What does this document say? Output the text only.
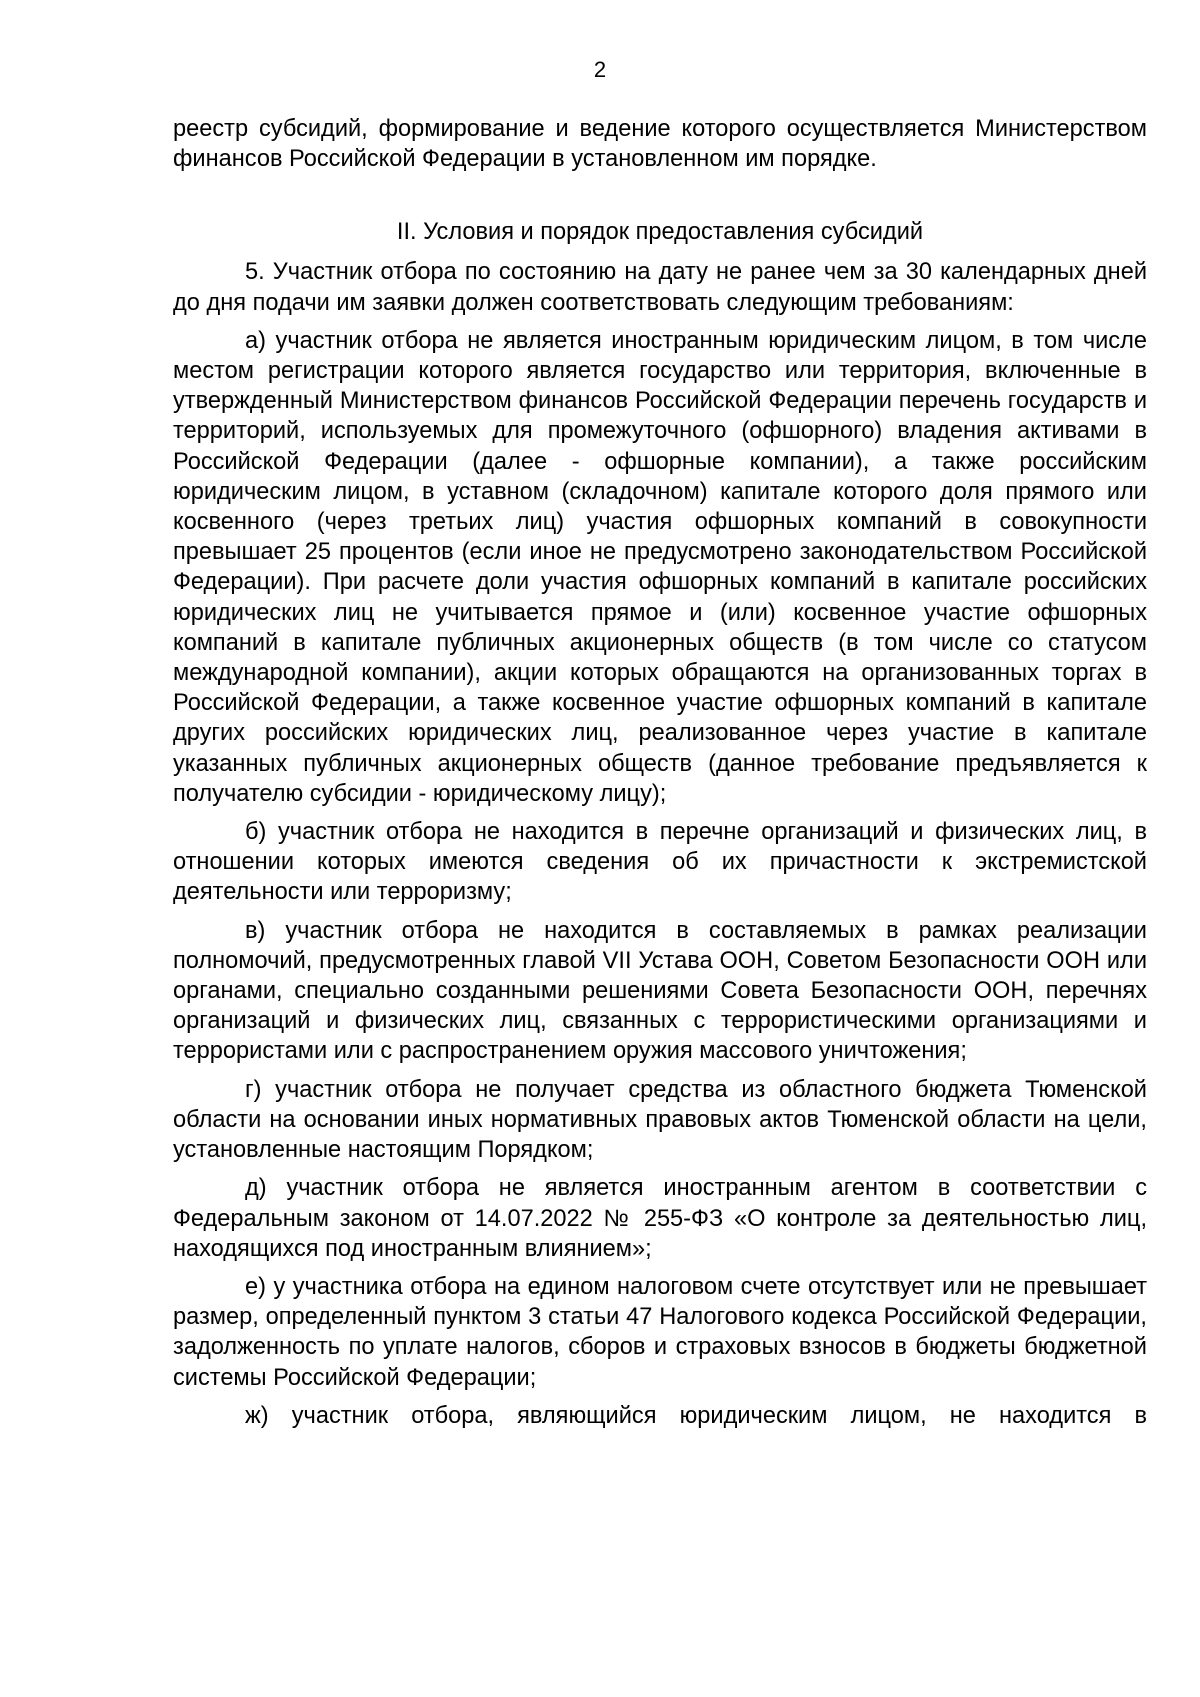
2

реестр субсидий, формирование и ведение которого осуществляется Министерством финансов Российской Федерации в установленном им порядке.

II. Условия и порядок предоставления субсидий

5. Участник отбора по состоянию на дату не ранее чем за 30 календарных дней до дня подачи им заявки должен соответствовать следующим требованиям:

а) участник отбора не является иностранным юридическим лицом, в том числе местом регистрации которого является государство или территория, включенные в утвержденный Министерством финансов Российской Федерации перечень государств и территорий, используемых для промежуточного (офшорного) владения активами в Российской Федерации (далее - офшорные компании), а также российским юридическим лицом, в уставном (складочном) капитале которого доля прямого или косвенного (через третьих лиц) участия офшорных компаний в совокупности превышает 25 процентов (если иное не предусмотрено законодательством Российской Федерации). При расчете доли участия офшорных компаний в капитале российских юридических лиц не учитывается прямое и (или) косвенное участие офшорных компаний в капитале публичных акционерных обществ (в том числе со статусом международной компании), акции которых обращаются на организованных торгах в Российской Федерации, а также косвенное участие офшорных компаний в капитале других российских юридических лиц, реализованное через участие в капитале указанных публичных акционерных обществ (данное требование предъявляется к получателю субсидии - юридическому лицу);

б) участник отбора не находится в перечне организаций и физических лиц, в отношении которых имеются сведения об их причастности к экстремистской деятельности или терроризму;

в) участник отбора не находится в составляемых в рамках реализации полномочий, предусмотренных главой VII Устава ООН, Советом Безопасности ООН или органами, специально созданными решениями Совета Безопасности ООН, перечнях организаций и физических лиц, связанных с террористическими организациями и террористами или с распространением оружия массового уничтожения;

г) участник отбора не получает средства из областного бюджета Тюменской области на основании иных нормативных правовых актов Тюменской области на цели, установленные настоящим Порядком;

д) участник отбора не является иностранным агентом в соответствии с Федеральным законом от 14.07.2022 № 255-ФЗ «О контроле за деятельностью лиц, находящихся под иностранным влиянием»;

е) у участника отбора на едином налоговом счете отсутствует или не превышает размер, определенный пунктом 3 статьи 47 Налогового кодекса Российской Федерации, задолженность по уплате налогов, сборов и страховых взносов в бюджеты бюджетной системы Российской Федерации;

ж) участник отбора, являющийся юридическим лицом, не находится в
